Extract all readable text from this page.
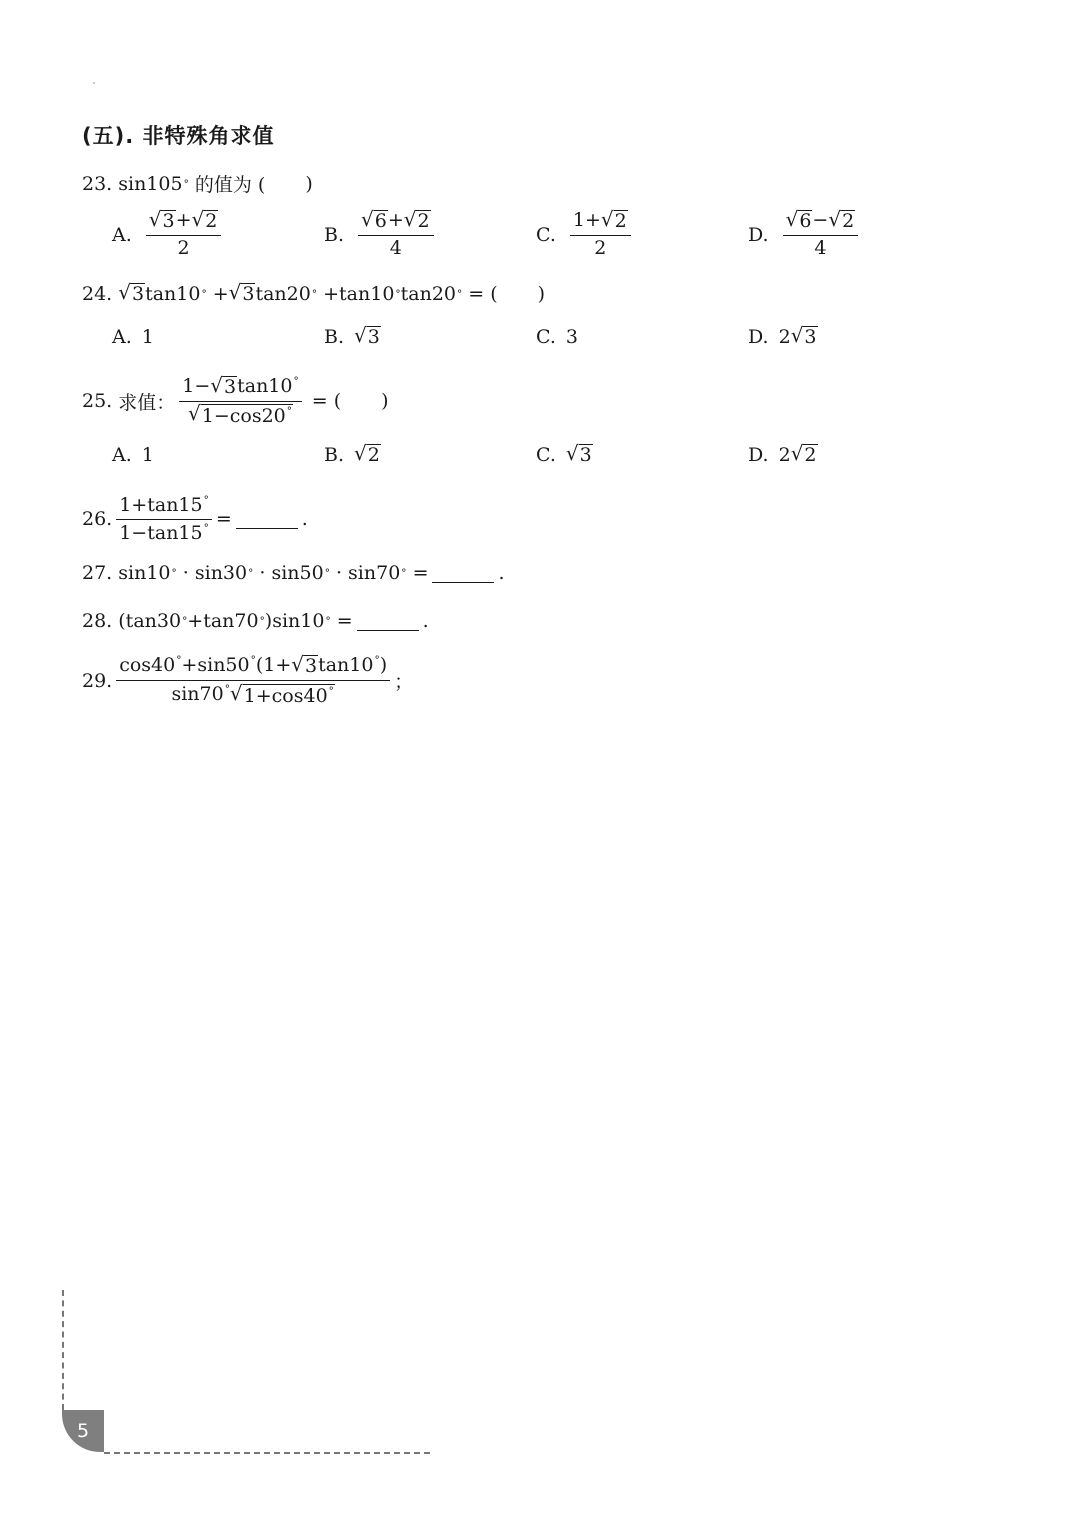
(五). 非特殊角求值
23.
sin105 °
的值为 ( )
A. $\frac{√ 3 + √ 2}{2}$	B. $\frac{√ 6 + √ 2}{4}$	C. $\frac{1+ √ 2}{2}$	D. $\frac{√ 6 - √ 2}{4}$
24.
√ 3 tan10 °
+ √ 3 tan20 °
+tan10 ° tan20 °
= ( )
A. 1	B. √ 3	C. 3	D. 2 √ 3
25.
求值： $\frac{1- √ 3 \tan 10^\circ}{√ 1-\cos 20^\circ}$
= ( )
A. 1	B. √ 2	C. √ 3	D. 2 √ 2
26. $\frac{1+\tan 15^\circ}{1-\tan 15^\circ}$ =	.
27.
sin10 °
· sin30 °
· sin50 °
· sin70 °
=	.
28.
(tan30 ° +tan70 ° )sin10 °
=	.
29. $\frac{\cos 40^\circ+\sin 50^\circ(1+ √ 3 \tan 10^\circ)}{\sin 70^\circ √ 1+\cos 40^\circ}$ ；
5
